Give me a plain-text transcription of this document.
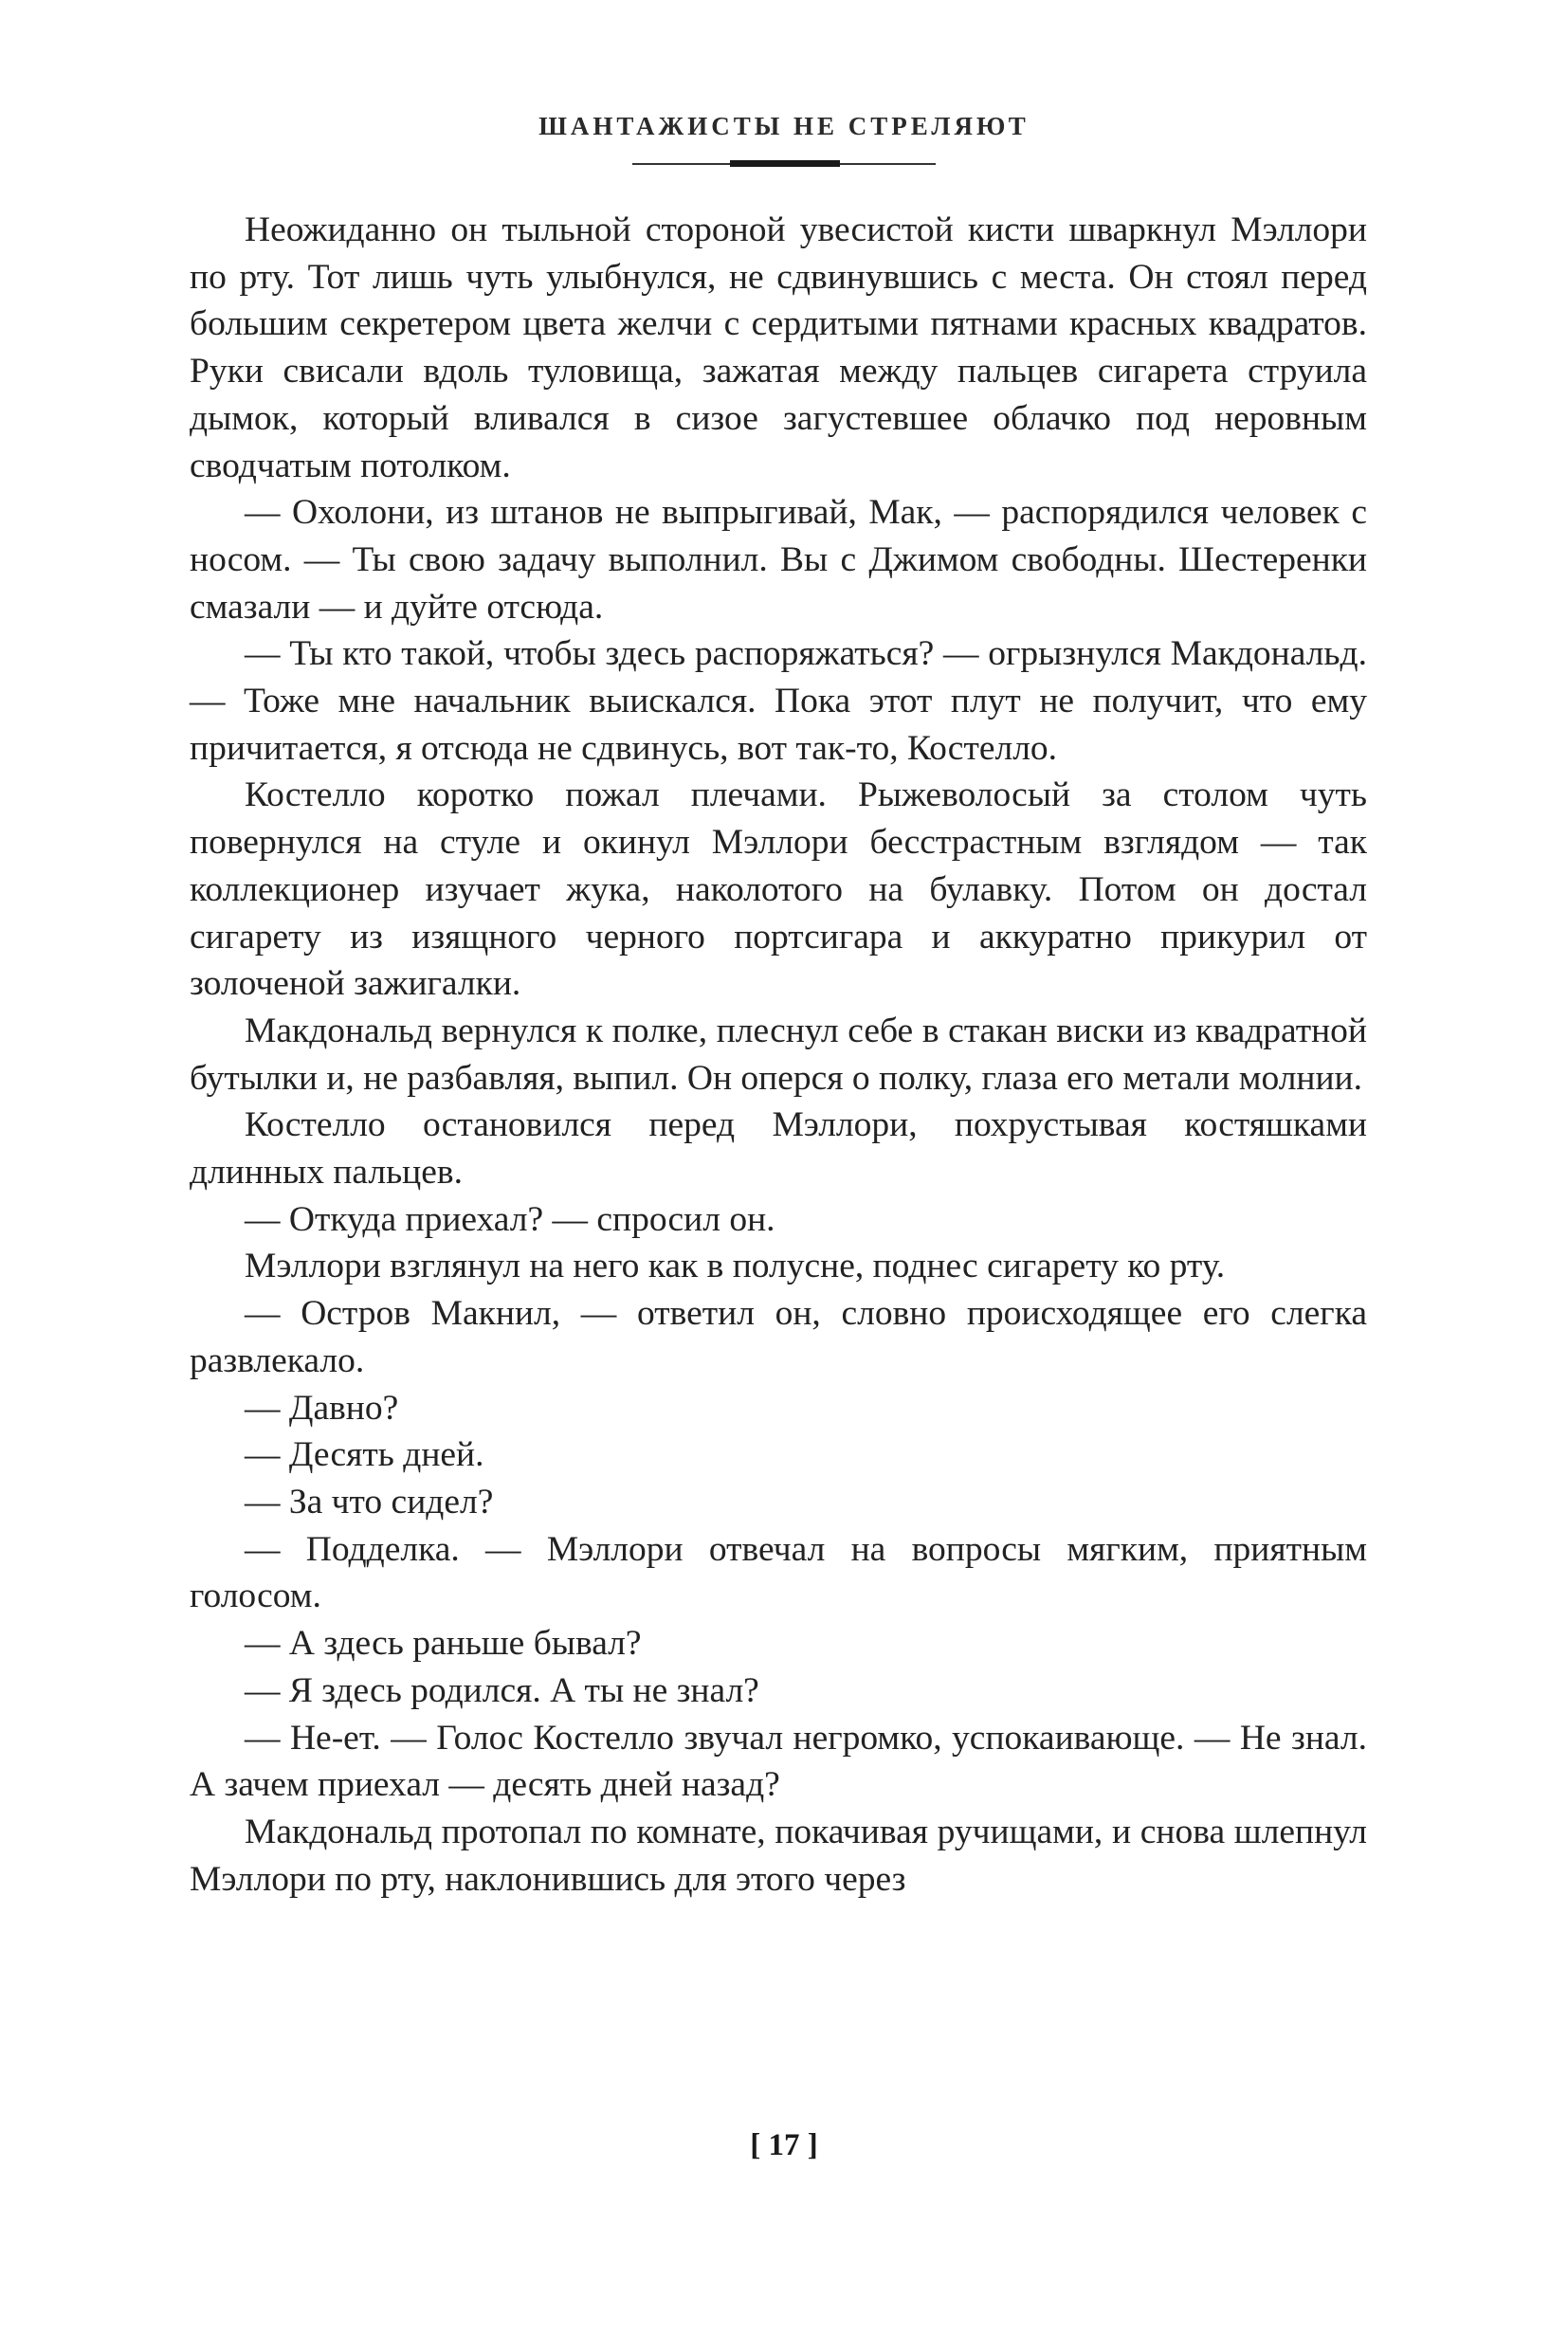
ШАНТАЖИСТЫ НЕ СТРЕЛЯЮТ

Неожиданно он тыльной стороной увесистой кисти шваркнул Мэллори по рту. Тот лишь чуть улыбнулся, не сдвинувшись с места. Он стоял перед большим секретером цвета желчи с сердитыми пятнами красных квадратов. Руки свисали вдоль туловища, зажатая между пальцев сигарета струила дымок, который вливался в сизое загустевшее облачко под неровным сводчатым потолком.

— Охолони, из штанов не выпрыгивай, Мак, — распорядился человек с носом. — Ты свою задачу выполнил. Вы с Джимом свободны. Шестеренки смазали — и дуйте отсюда.

— Ты кто такой, чтобы здесь распоряжаться? — огрызнулся Макдональд. — Тоже мне начальник выискался. Пока этот плут не получит, что ему причитается, я отсюда не сдвинусь, вот так-то, Костелло.

Костелло коротко пожал плечами. Рыжеволосый за столом чуть повернулся на стуле и окинул Мэллори бесстрастным взглядом — так коллекционер изучает жука, наколотого на булавку. Потом он достал сигарету из изящного черного портсигара и аккуратно прикурил от золоченой зажигалки.

Макдональд вернулся к полке, плеснул себе в стакан виски из квадратной бутылки и, не разбавляя, выпил. Он оперся о полку, глаза его метали молнии.

Костелло остановился перед Мэллори, похрустывая костяшками длинных пальцев.

— Откуда приехал? — спросил он.

Мэллори взглянул на него как в полусне, поднес сигарету ко рту.

— Остров Макнил, — ответил он, словно происходящее его слегка развлекало.

— Давно?

— Десять дней.

— За что сидел?

— Подделка. — Мэллори отвечал на вопросы мягким, приятным голосом.

— А здесь раньше бывал?

— Я здесь родился. А ты не знал?

— Не-ет. — Голос Костелло звучал негромко, успокаивающе. — Не знал. А зачем приехал — десять дней назад?

Макдональд протопал по комнате, покачивая ручищами, и снова шлепнул Мэллори по рту, наклонившись для этого через

[ 17 ]
